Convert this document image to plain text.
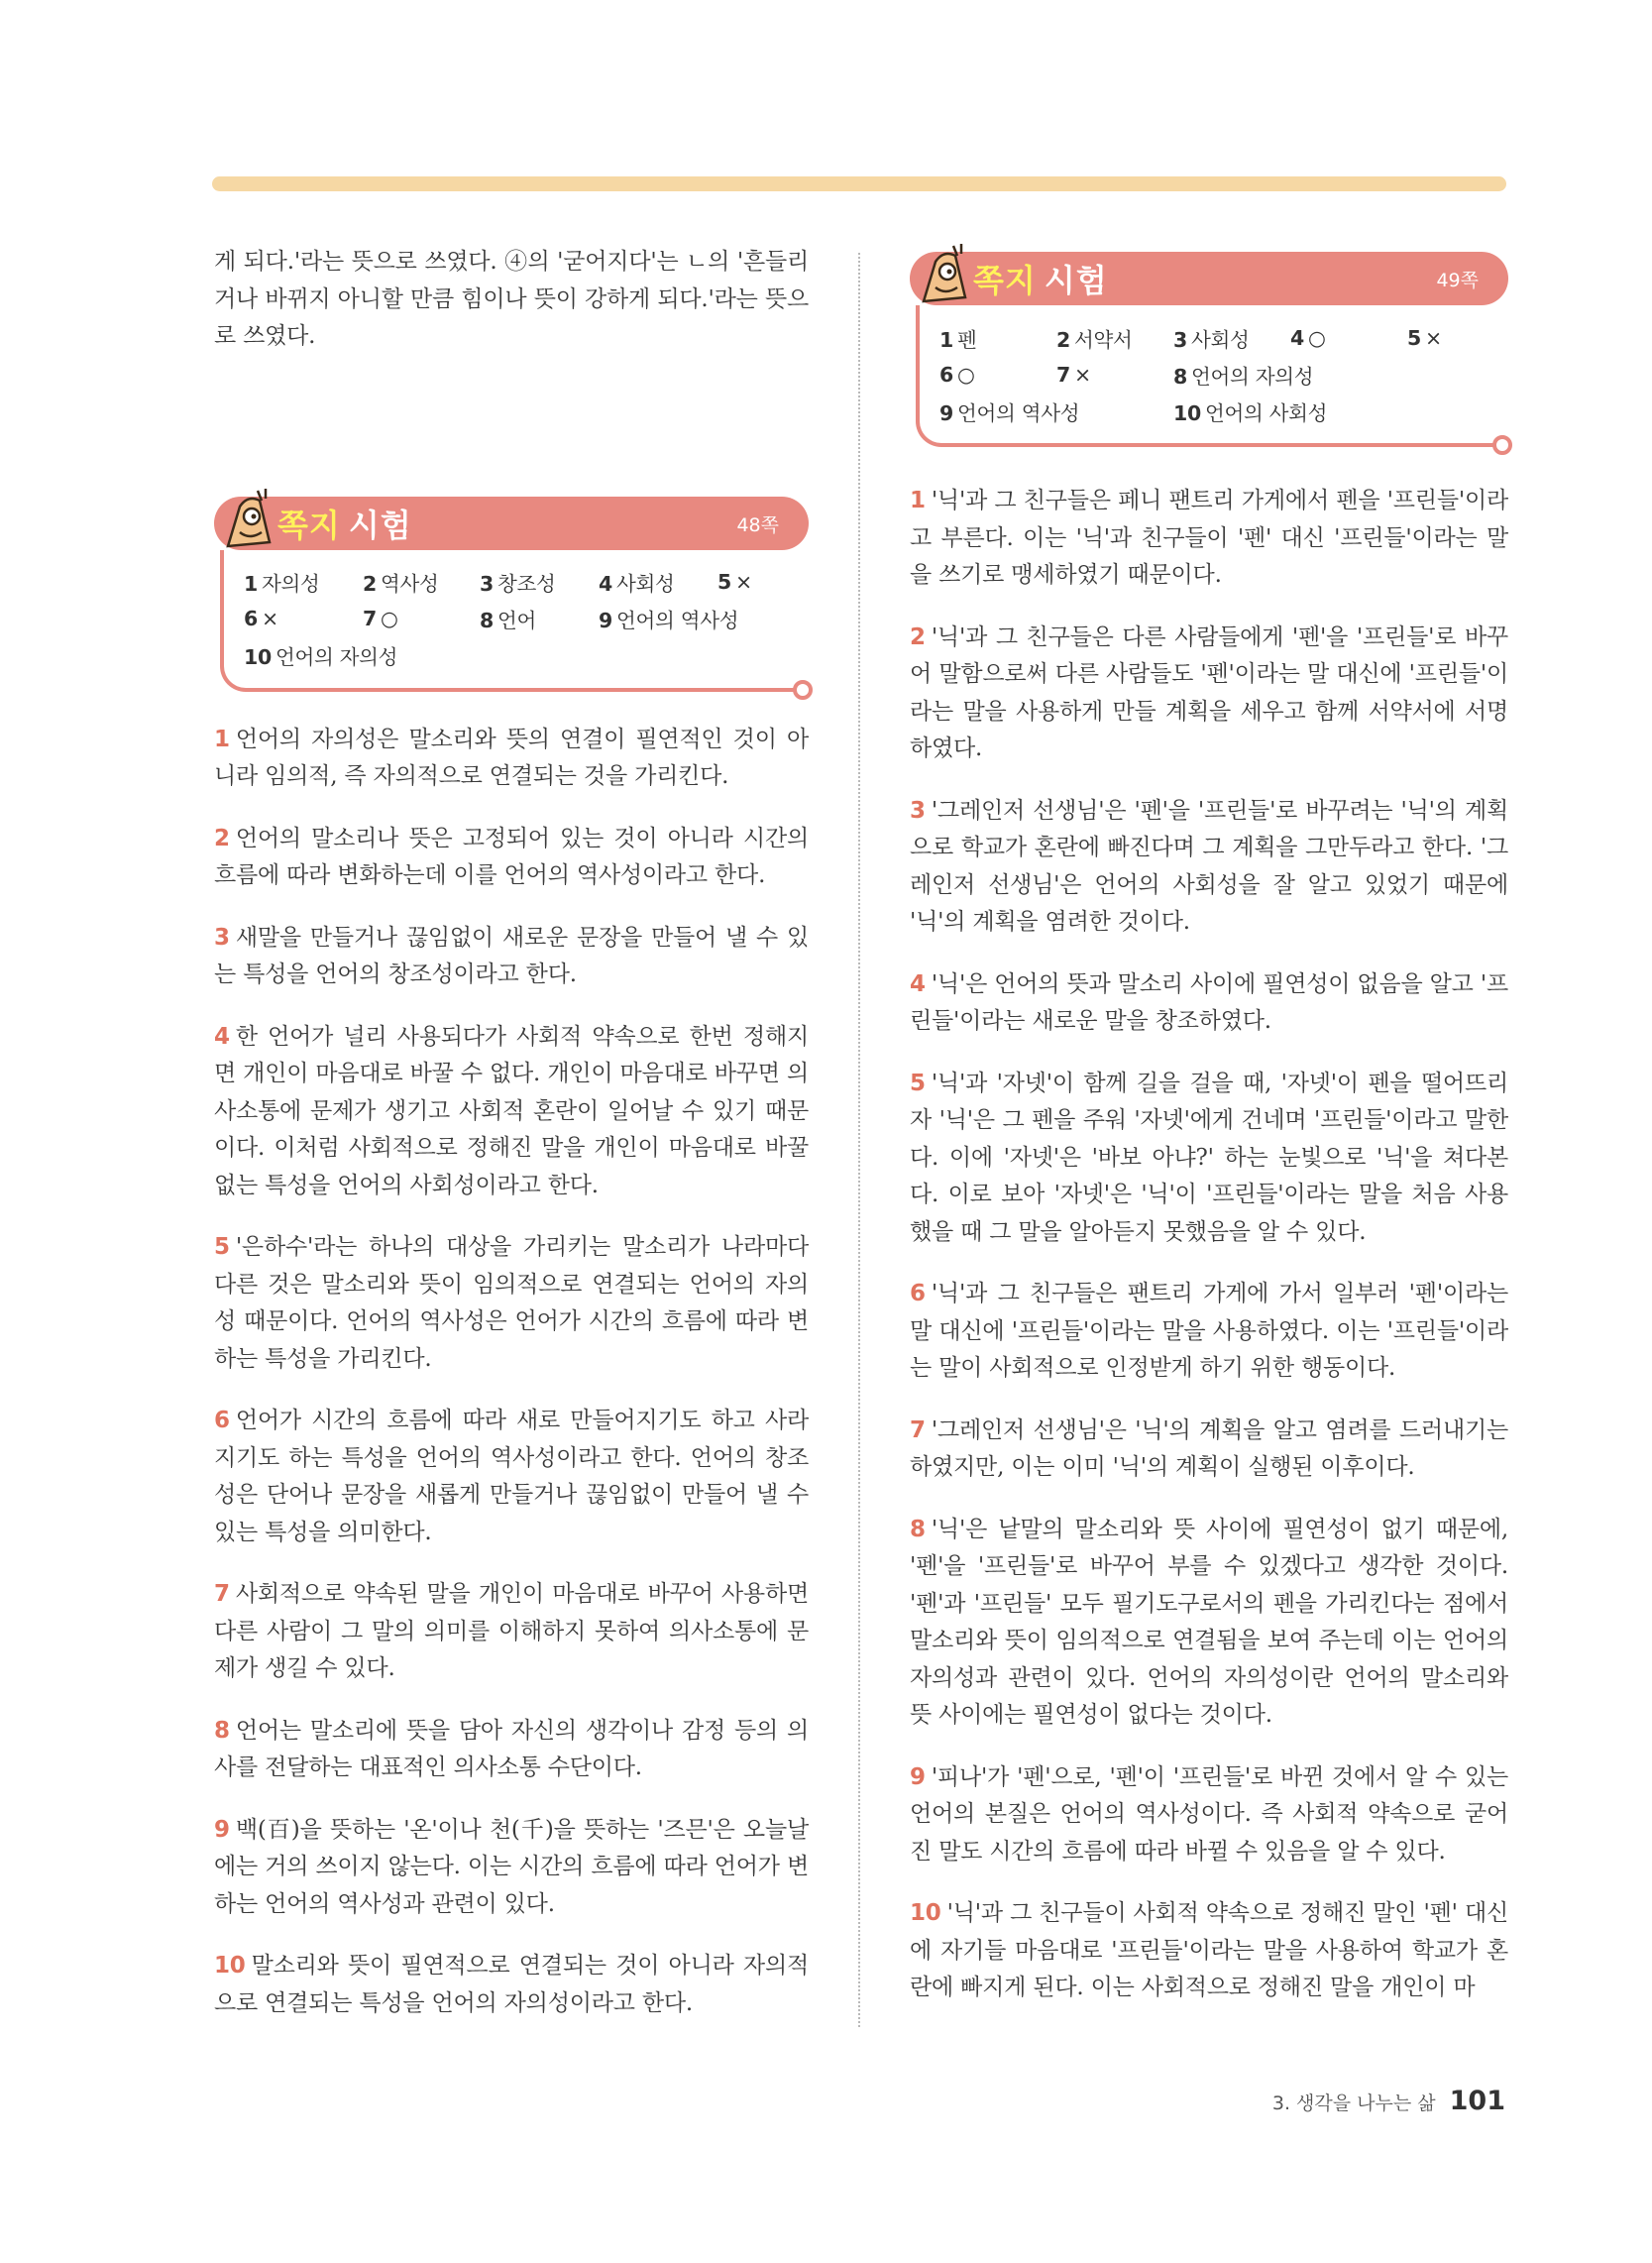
게 되다.'라는 뜻으로 쓰였다. ④의 '굳어지다'는 ㄴ의 '흔들리거나 바뀌지 아니할 만큼 힘이나 뜻이 강하게 되다.'라는 뜻으로 쓰였다.

쪽지 시험	48쪽
1 자의성	2 역사성	3 창조성	4 사회성	5 ×
6 ×	7 ○	8 언어	9 언어의 역사성
10 언어의 자의성

1 언어의 자의성은 말소리와 뜻의 연결이 필연적인 것이 아니라 임의적, 즉 자의적으로 연결되는 것을 가리킨다.

2 언어의 말소리나 뜻은 고정되어 있는 것이 아니라 시간의 흐름에 따라 변화하는데 이를 언어의 역사성이라고 한다.

3 새말을 만들거나 끊임없이 새로운 문장을 만들어 낼 수 있는 특성을 언어의 창조성이라고 한다.

4 한 언어가 널리 사용되다가 사회적 약속으로 한번 정해지면 개인이 마음대로 바꿀 수 없다. 개인이 마음대로 바꾸면 의사소통에 문제가 생기고 사회적 혼란이 일어날 수 있기 때문이다. 이처럼 사회적으로 정해진 말을 개인이 마음대로 바꿀 없는 특성을 언어의 사회성이라고 한다.

5 '은하수'라는 하나의 대상을 가리키는 말소리가 나라마다 다른 것은 말소리와 뜻이 임의적으로 연결되는 언어의 자의성 때문이다. 언어의 역사성은 언어가 시간의 흐름에 따라 변하는 특성을 가리킨다.

6 언어가 시간의 흐름에 따라 새로 만들어지기도 하고 사라지기도 하는 특성을 언어의 역사성이라고 한다. 언어의 창조성은 단어나 문장을 새롭게 만들거나 끊임없이 만들어 낼 수 있는 특성을 의미한다.

7 사회적으로 약속된 말을 개인이 마음대로 바꾸어 사용하면 다른 사람이 그 말의 의미를 이해하지 못하여 의사소통에 문제가 생길 수 있다.

8 언어는 말소리에 뜻을 담아 자신의 생각이나 감정 등의 의사를 전달하는 대표적인 의사소통 수단이다.

9 백(百)을 뜻하는 '온'이나 천(千)을 뜻하는 '즈믄'은 오늘날에는 거의 쓰이지 않는다. 이는 시간의 흐름에 따라 언어가 변하는 언어의 역사성과 관련이 있다.

10 말소리와 뜻이 필연적으로 연결되는 것이 아니라 자의적으로 연결되는 특성을 언어의 자의성이라고 한다.

쪽지 시험	49쪽
1 펜	2 서약서	3 사회성	4 ○	5 ×
6 ○	7 ×	8 언어의 자의성
9 언어의 역사성	10 언어의 사회성

1 '닉'과 그 친구들은 페니 팬트리 가게에서 펜을 '프린들'이라고 부른다. 이는 '닉'과 친구들이 '펜' 대신 '프린들'이라는 말을 쓰기로 맹세하였기 때문이다.

2 '닉'과 그 친구들은 다른 사람들에게 '펜'을 '프린들'로 바꾸어 말함으로써 다른 사람들도 '펜'이라는 말 대신에 '프린들'이라는 말을 사용하게 만들 계획을 세우고 함께 서약서에 서명하였다.

3 '그레인저 선생님'은 '펜'을 '프린들'로 바꾸려는 '닉'의 계획으로 학교가 혼란에 빠진다며 그 계획을 그만두라고 한다. '그레인저 선생님'은 언어의 사회성을 잘 알고 있었기 때문에 '닉'의 계획을 염려한 것이다.

4 '닉'은 언어의 뜻과 말소리 사이에 필연성이 없음을 알고 '프린들'이라는 새로운 말을 창조하였다.

5 '닉'과 '자넷'이 함께 길을 걸을 때, '자넷'이 펜을 떨어뜨리자 '닉'은 그 펜을 주워 '자넷'에게 건네며 '프린들'이라고 말한다. 이에 '자넷'은 '바보 아냐?' 하는 눈빛으로 '닉'을 쳐다본다. 이로 보아 '자넷'은 '닉'이 '프린들'이라는 말을 처음 사용했을 때 그 말을 알아듣지 못했음을 알 수 있다.

6 '닉'과 그 친구들은 팬트리 가게에 가서 일부러 '펜'이라는 말 대신에 '프린들'이라는 말을 사용하였다. 이는 '프린들'이라는 말이 사회적으로 인정받게 하기 위한 행동이다.

7 '그레인저 선생님'은 '닉'의 계획을 알고 염려를 드러내기는 하였지만, 이는 이미 '닉'의 계획이 실행된 이후이다.

8 '닉'은 낱말의 말소리와 뜻 사이에 필연성이 없기 때문에, '펜'을 '프린들'로 바꾸어 부를 수 있겠다고 생각한 것이다. '펜'과 '프린들' 모두 필기도구로서의 펜을 가리킨다는 점에서 말소리와 뜻이 임의적으로 연결됨을 보여 주는데 이는 언어의 자의성과 관련이 있다. 언어의 자의성이란 언어의 말소리와 뜻 사이에는 필연성이 없다는 것이다.

9 '피나'가 '펜'으로, '펜'이 '프린들'로 바뀐 것에서 알 수 있는 언어의 본질은 언어의 역사성이다. 즉 사회적 약속으로 굳어진 말도 시간의 흐름에 따라 바뀔 수 있음을 알 수 있다.

10 '닉'과 그 친구들이 사회적 약속으로 정해진 말인 '펜' 대신에 자기들 마음대로 '프린들'이라는 말을 사용하여 학교가 혼란에 빠지게 된다. 이는 사회적으로 정해진 말을 개인이 마

3. 생각을 나누는 삶 101
